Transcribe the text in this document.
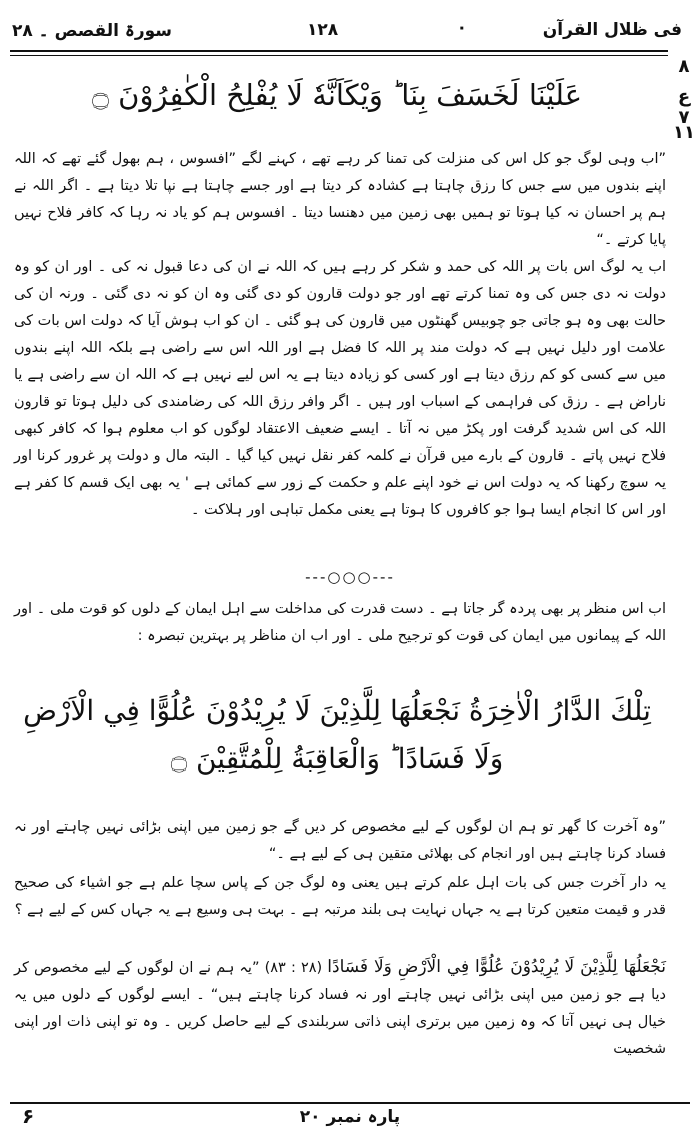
فی ظلال القرآن
۰
۱۲۸
سورۃ القصص ۔ ۲۸
۸
ع ۷
۱۱
عَلَيْنَا لَخَسَفَ بِنَا ؕ وَيْكَاَنَّهٗ لَا يُفْلِحُ الْكٰفِرُوْنَ ۝
”اب وہی لوگ جو کل اس کی منزلت کی تمنا کر رہے تھے ، کہنے لگے ”افسوس ، ہم بھول گئے تھے کہ اللہ اپنے بندوں میں سے جس کا رزق چاہتا ہے کشادہ کر دیتا ہے اور جسے چاہتا ہے نپا تلا دیتا ہے ۔ اگر اللہ نے ہم پر احسان نہ کیا ہوتا تو ہمیں بھی زمین میں دھنسا دیتا ۔ افسوس ہم کو یاد نہ رہا کہ کافر فلاح نہیں پایا کرتے ۔“
اب یہ لوگ اس بات پر اللہ کی حمد و شکر کر رہے ہیں کہ اللہ نے ان کی دعا قبول نہ کی ۔ اور ان کو وہ دولت نہ دی جس کی وہ تمنا کرتے تھے اور جو دولت قارون کو دی گئی وہ ان کو نہ دی گئی ۔ ورنہ ان کی حالت بھی وہ ہو جاتی جو چوبیس گھنٹوں میں قارون کی ہو گئی ۔ ان کو اب ہوش آیا کہ دولت اس بات کی علامت اور دلیل نہیں ہے کہ دولت مند پر اللہ کا فضل ہے اور اللہ اس سے راضی ہے بلکہ اللہ اپنے بندوں میں سے کسی کو کم رزق دیتا ہے اور کسی کو زیادہ دیتا ہے یہ اس لیے نہیں ہے کہ اللہ ان سے راضی ہے یا ناراض ہے ۔ رزق کی فراہمی کے اسباب اور ہیں ۔ اگر وافر رزق اللہ کی رضامندی کی دلیل ہوتا تو قارون اللہ کی اس شدید گرفت اور پکڑ میں نہ آتا ۔ ایسے ضعیف الاعتقاد لوگوں کو اب معلوم ہوا کہ کافر کبھی فلاح نہیں پاتے ۔ قارون کے بارے میں قرآن نے کلمہ کفر نقل نہیں کیا گیا ۔ البتہ مال و دولت پر غرور کرنا اور یہ سوچ رکھنا کہ یہ دولت اس نے خود اپنے علم و حکمت کے زور سے کمائی ہے ' یہ بھی ایک قسم کا کفر ہے اور اس کا انجام ایسا ہوا جو کافروں کا ہوتا ہے یعنی مکمل تباہی اور ہلاکت ۔
---○○○---
اب اس منظر پر بھی پردہ گر جاتا ہے ۔ دست قدرت کی مداخلت سے اہل ایمان کے دلوں کو قوت ملی ۔ اور اللہ کے پیمانوں میں ایمان کی قوت کو ترجیح ملی ۔ اور اب ان مناظر پر بہترین تبصرہ :
تِلْكَ الدَّارُ الْاٰخِرَةُ نَجْعَلُهَا لِلَّذِيْنَ لَا يُرِيْدُوْنَ عُلُوًّا فِي الْاَرْضِ
وَلَا فَسَادًا ؕ وَالْعَاقِبَةُ لِلْمُتَّقِيْنَ ۝
”وہ آخرت کا گھر تو ہم ان لوگوں کے لیے مخصوص کر دیں گے جو زمین میں اپنی بڑائی نہیں چاہتے اور نہ فساد کرنا چاہتے ہیں اور انجام کی بھلائی متقین ہی کے لیے ہے ۔“
یہ دار آخرت جس کی بات اہل علم کرتے ہیں یعنی وہ لوگ جن کے پاس سچا علم ہے جو اشیاء کی صحیح قدر و قیمت متعین کرتا ہے یہ جہاں نہایت ہی بلند مرتبہ ہے ۔ بہت ہی وسیع ہے یہ جہاں کس کے لیے ہے ؟
نَجْعَلُهَا لِلَّذِيْنَ لَا يُرِيْدُوْنَ عُلُوًّا فِي الْاَرْضِ وَلَا فَسَادًا (۲۸ : ۸۳) ”یہ ہم نے ان لوگوں کے لیے مخصوص کر دیا ہے جو زمین میں اپنی بڑائی نہیں چاہتے اور نہ فساد کرنا چاہتے ہیں“ ۔ ایسے لوگوں کے دلوں میں یہ خیال ہی نہیں آتا کہ وہ زمین میں برتری اپنی ذاتی سربلندی کے لیے حاصل کریں ۔ وہ تو اپنی ذات اور اپنی شخصیت
۶	پارہ نمبر ۲۰
